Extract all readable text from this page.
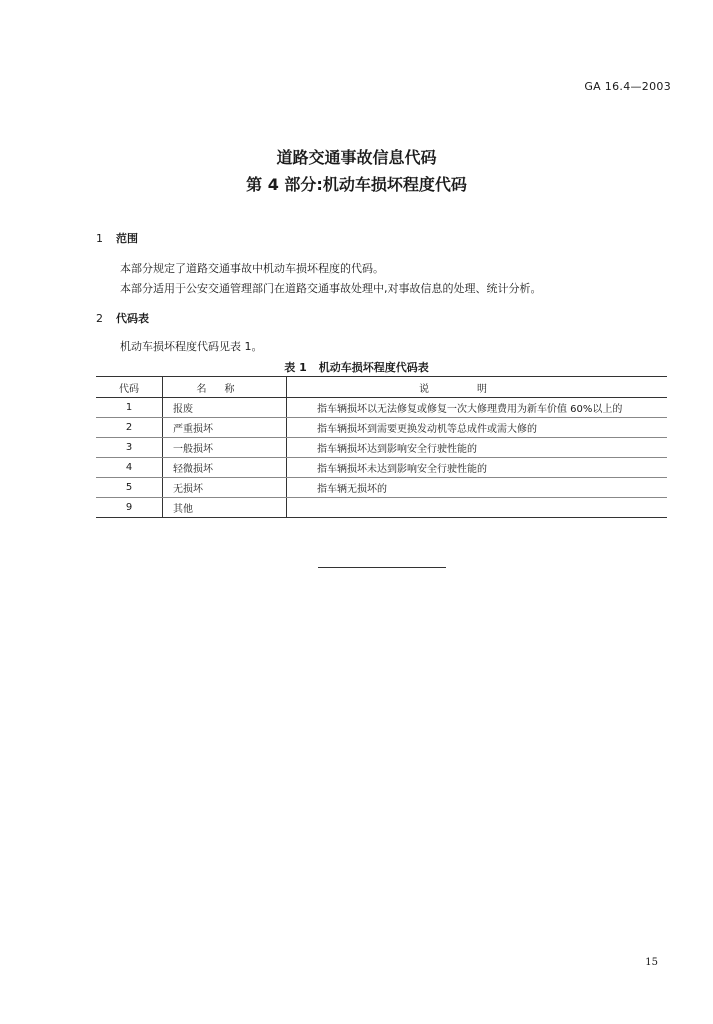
GA 16.4—2003
道路交通事故信息代码
第 4 部分:机动车损坏程度代码
1 范围
本部分规定了道路交通事故中机动车损坏程度的代码。
本部分适用于公安交通管理部门在道路交通事故处理中,对事故信息的处理、统计分析。
2 代码表
机动车损坏程度代码见表 1。
表 1 机动车损坏程度代码表
代码	名称	说明
1	报废	指车辆损坏以无法修复或修复一次大修理费用为新车价值 60%以上的
2	严重损坏	指车辆损坏到需要更换发动机等总成件或需大修的
3	一般损坏	指车辆损坏达到影响安全行驶性能的
4	轻微损坏	指车辆损坏未达到影响安全行驶性能的
5	无损坏	指车辆无损坏的
9	其他	
15
